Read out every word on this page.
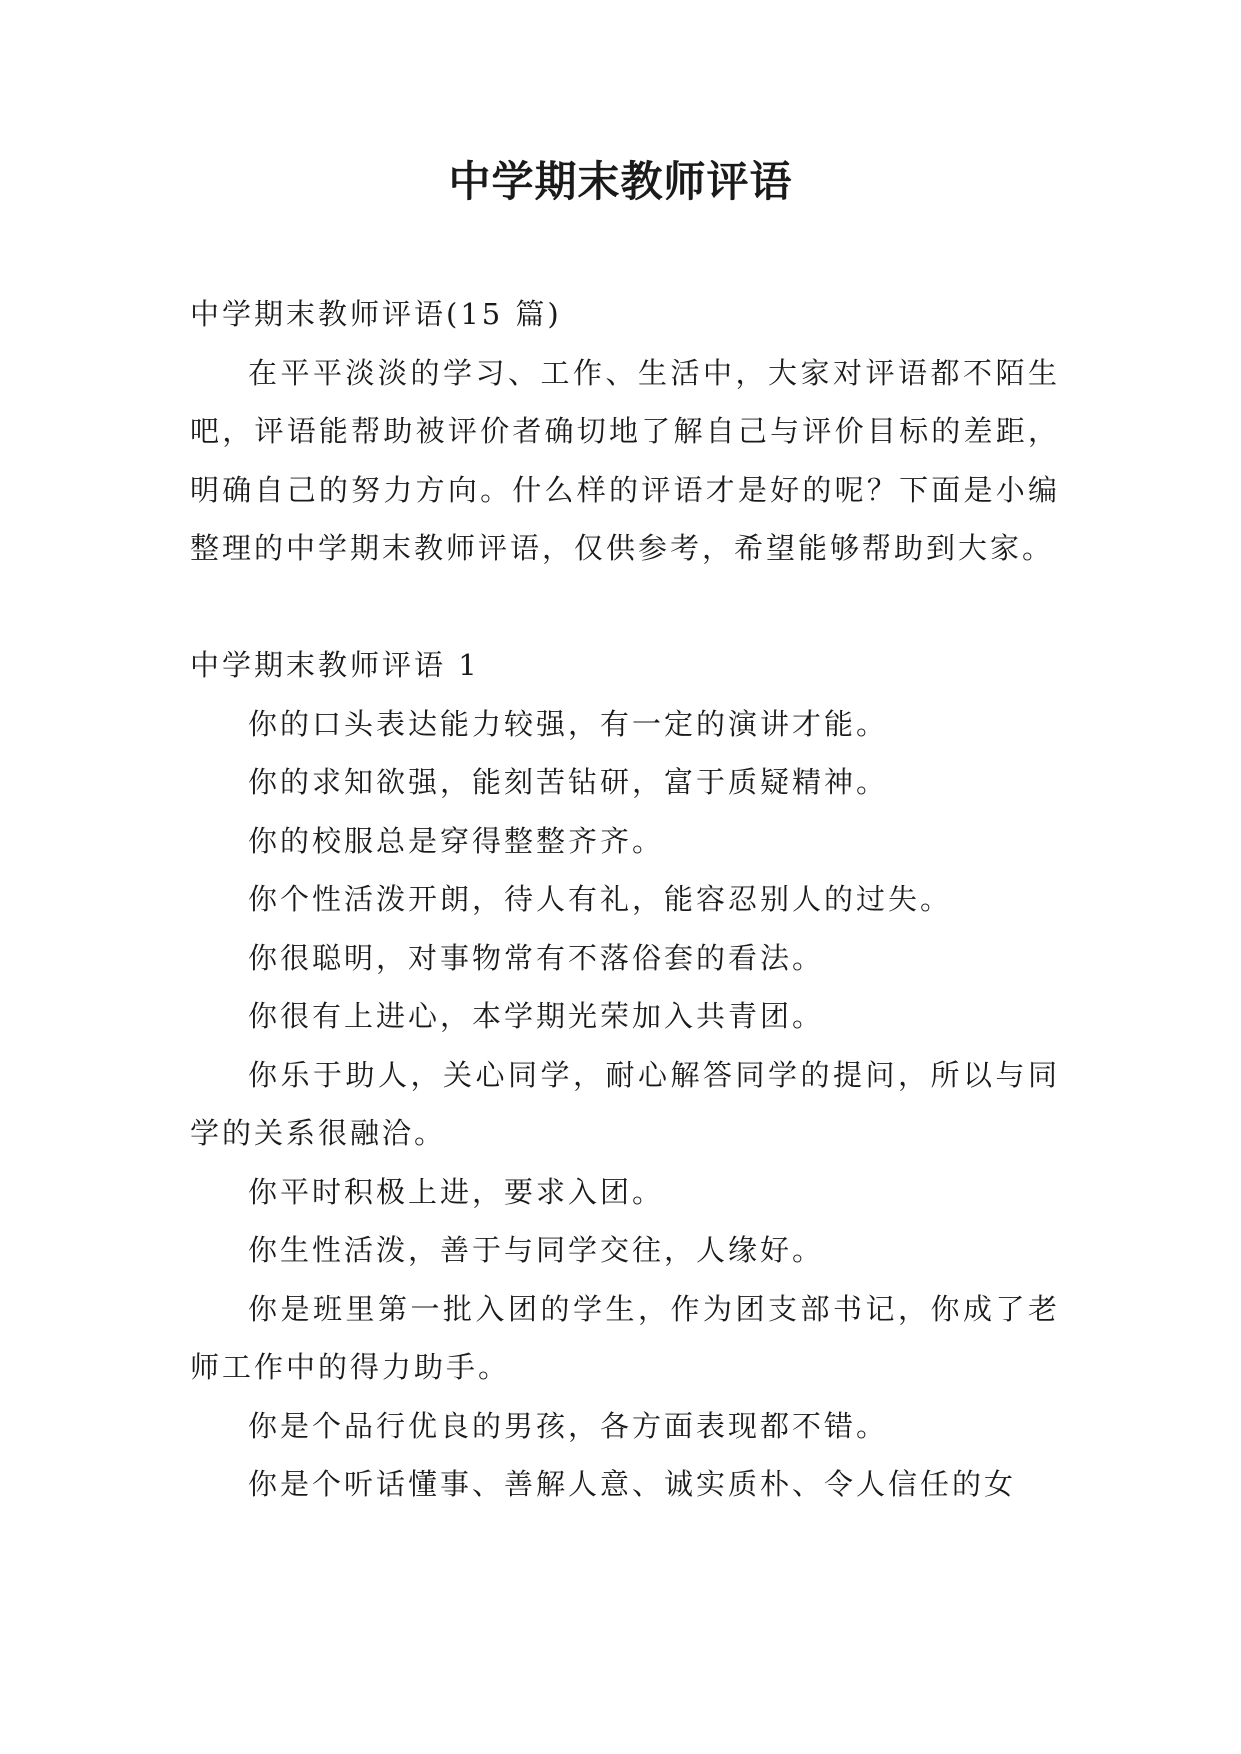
中学期末教师评语

中学期末教师评语(15 篇)

在平平淡淡的学习、工作、生活中，大家对评语都不陌生吧，评语能帮助被评价者确切地了解自己与评价目标的差距，明确自己的努力方向。什么样的评语才是好的呢？下面是小编整理的中学期末教师评语，仅供参考，希望能够帮助到大家。

中学期末教师评语 1

你的口头表达能力较强，有一定的演讲才能。

你的求知欲强，能刻苦钻研，富于质疑精神。

你的校服总是穿得整整齐齐。

你个性活泼开朗，待人有礼，能容忍别人的过失。

你很聪明，对事物常有不落俗套的看法。

你很有上进心，本学期光荣加入共青团。

你乐于助人，关心同学，耐心解答同学的提问，所以与同学的关系很融洽。

你平时积极上进，要求入团。

你生性活泼，善于与同学交往，人缘好。

你是班里第一批入团的学生，作为团支部书记，你成了老师工作中的得力助手。

你是个品行优良的男孩，各方面表现都不错。

你是个听话懂事、善解人意、诚实质朴、令人信任的女
